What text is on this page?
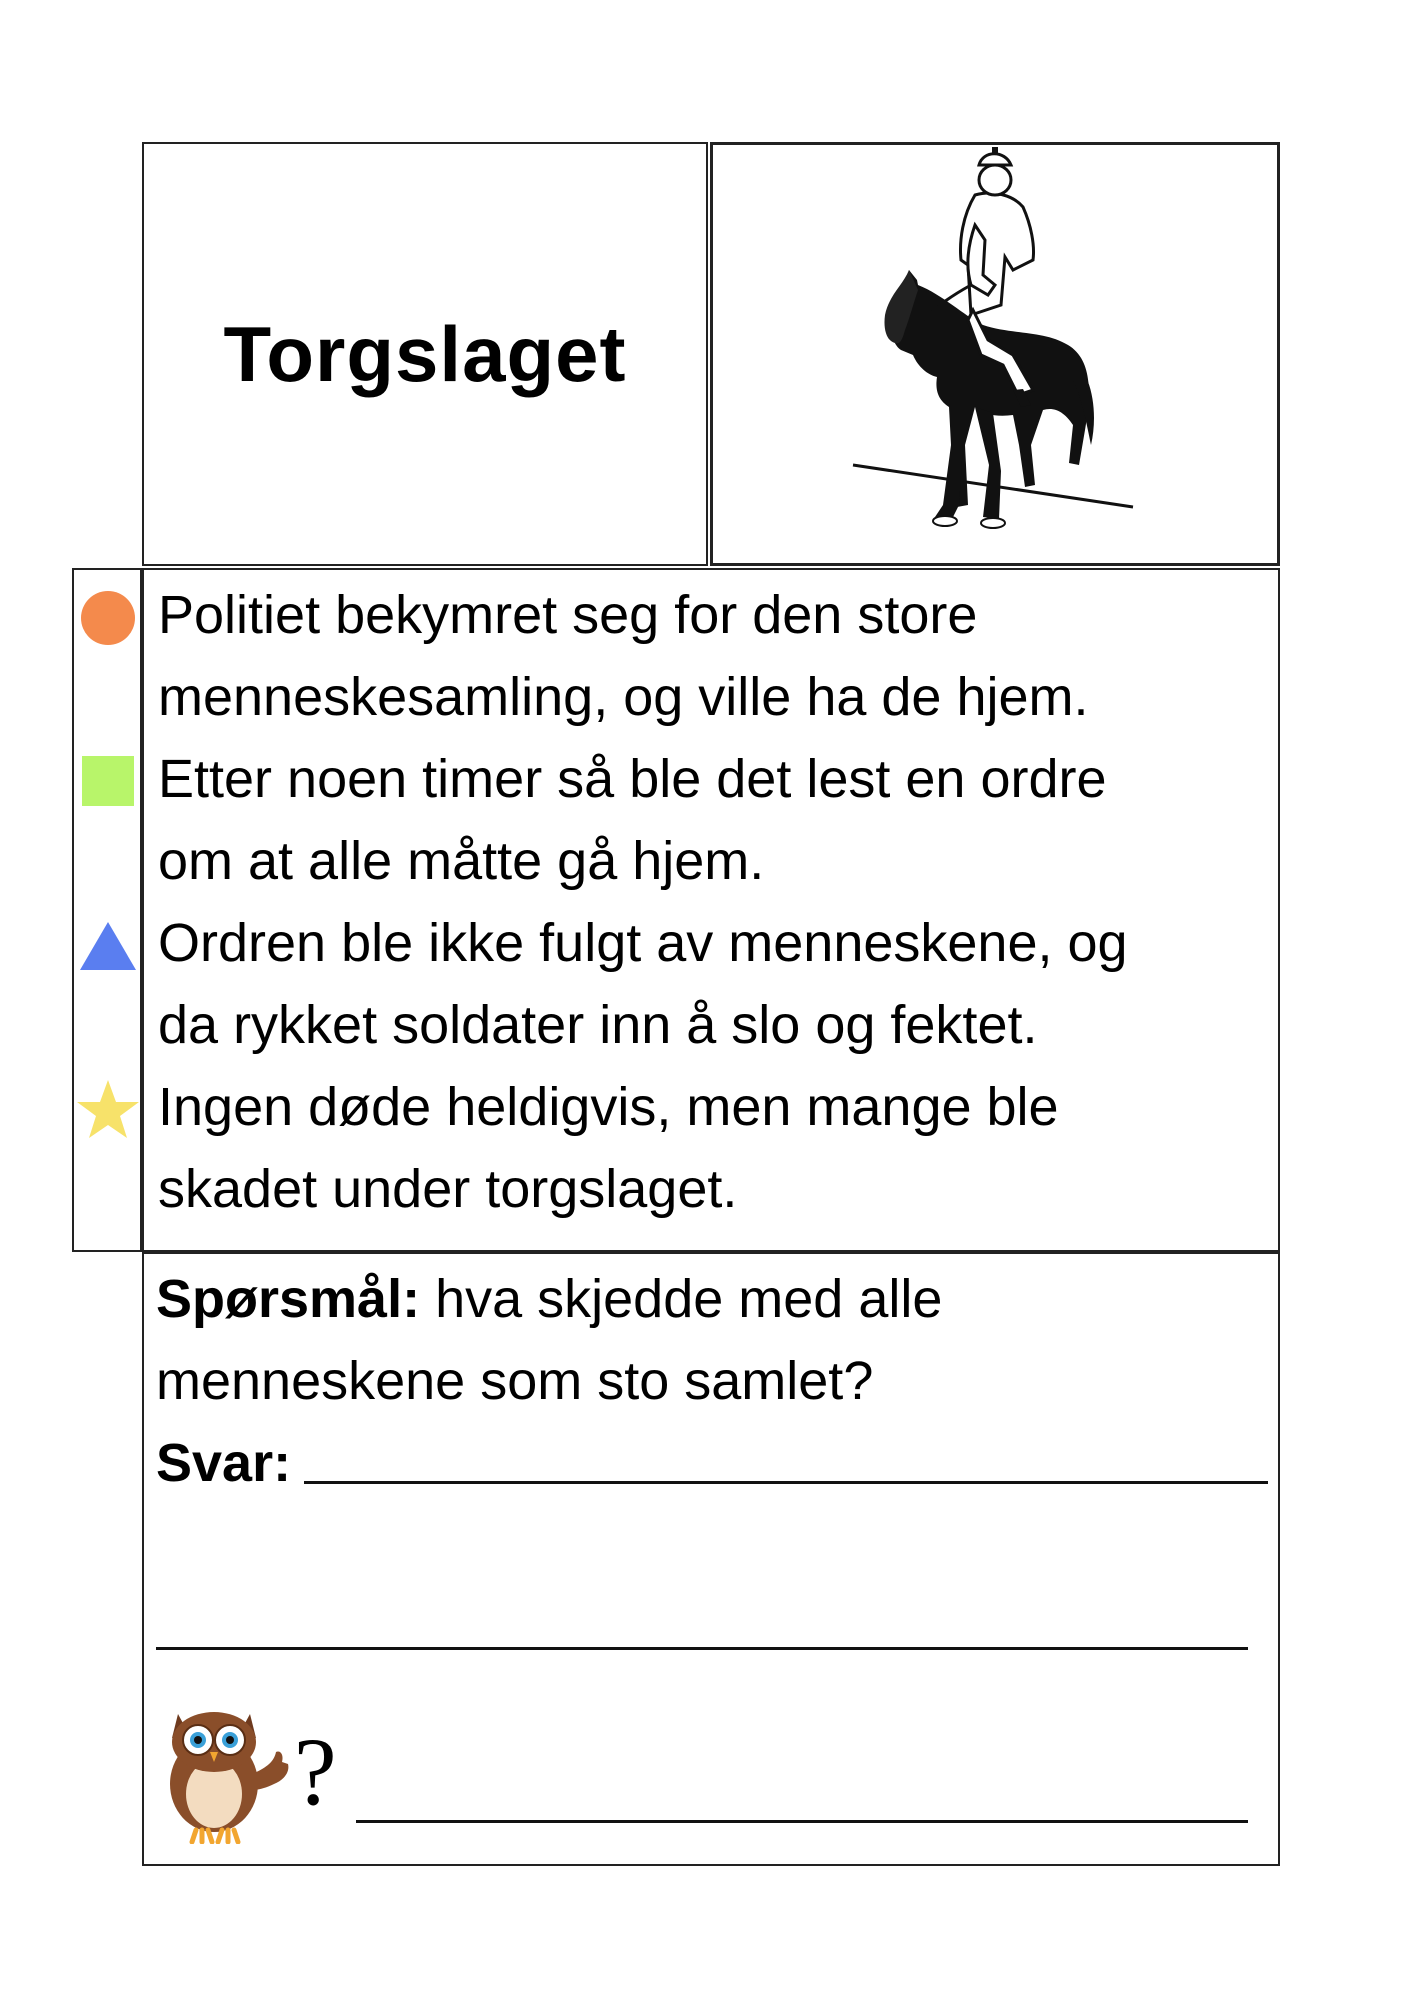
Torgslaget
Politiet bekymret seg for den store
menneskesamling, og ville ha de hjem.
Etter noen timer så ble det lest en ordre
om at alle måtte gå hjem.
Ordren ble ikke fulgt av menneskene, og
da rykket soldater inn å slo og fektet.
Ingen døde heldigvis, men mange ble
skadet under torgslaget.
Spørsmål: hva skjedde med alle
menneskene som sto samlet?
Svar:
?
